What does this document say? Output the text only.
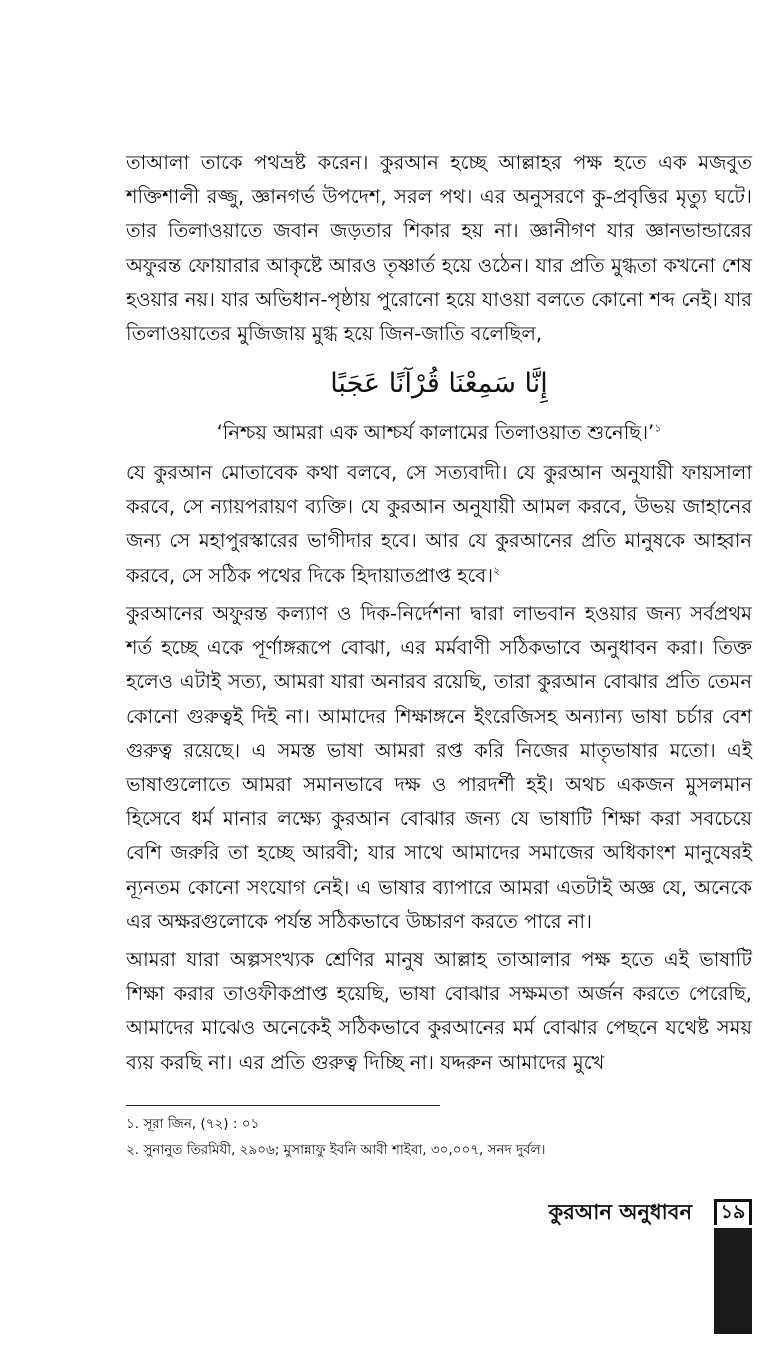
তাআলা তাকে পথভ্রষ্ট করেন। কুরআন হচ্ছে আল্লাহর পক্ষ হতে এক মজবুত শক্তিশালী রজ্জু, জ্ঞানগর্ভ উপদেশ, সরল পথ। এর অনুসরণে কু-প্রবৃত্তির মৃত্যু ঘটে। তার তিলাওয়াতে জবান জড়তার শিকার হয় না। জ্ঞানীগণ যার জ্ঞানভান্ডারের অফুরন্ত ফোয়ারার আকৃষ্টে আরও তৃষ্ণার্ত হয়ে ওঠেন। যার প্রতি মুগ্ধতা কখনো শেষ হওয়ার নয়। যার অভিধান-পৃষ্ঠায় পুরোনো হয়ে যাওয়া বলতে কোনো শব্দ নেই। যার তিলাওয়াতের মুজিজায় মুগ্ধ হয়ে জিন-জাতি বলেছিল,

إِنَّا سَمِعْنَا قُرْآنًا عَجَبًا
‘নিশ্চয় আমরা এক আশ্চর্য কালামের তিলাওয়াত শুনেছি।’$^১$

যে কুরআন মোতাবেক কথা বলবে, সে সত্যবাদী। যে কুরআন অনুযায়ী ফায়সালা করবে, সে ন্যায়পরায়ণ ব্যক্তি। যে কুরআন অনুযায়ী আমল করবে, উভয় জাহানের জন্য সে মহাপুরস্কারের ভাগীদার হবে। আর যে কুরআনের প্রতি মানুষকে আহ্বান করবে, সে সঠিক পথের দিকে হিদায়াতপ্রাপ্ত হবে।$^২$

কুরআনের অফুরন্ত কল্যাণ ও দিক-নির্দেশনা দ্বারা লাভবান হওয়ার জন্য সর্বপ্রথম শর্ত হচ্ছে একে পূর্ণাঙ্গরূপে বোঝা, এর মর্মবাণী সঠিকভাবে অনুধাবন করা। তিক্ত হলেও এটাই সত্য, আমরা যারা অনারব রয়েছি, তারা কুরআন বোঝার প্রতি তেমন কোনো গুরুত্বই দিই না। আমাদের শিক্ষাঙ্গনে ইংরেজিসহ অন্যান্য ভাষা চর্চার বেশ গুরুত্ব রয়েছে। এ সমস্ত ভাষা আমরা রপ্ত করি নিজের মাতৃভাষার মতো। এই ভাষাগুলোতে আমরা সমানভাবে দক্ষ ও পারদর্শী হই। অথচ একজন মুসলমান হিসেবে ধর্ম মানার লক্ষ্যে কুরআন বোঝার জন্য যে ভাষাটি শিক্ষা করা সবচেয়ে বেশি জরুরি তা হচ্ছে আরবী; যার সাথে আমাদের সমাজের অধিকাংশ মানুষেরই ন্যূনতম কোনো সংযোগ নেই। এ ভাষার ব্যাপারে আমরা এতটাই অজ্ঞ যে, অনেকে এর অক্ষরগুলোকে পর্যন্ত সঠিকভাবে উচ্চারণ করতে পারে না।

আমরা যারা অল্পসংখ্যক শ্রেণির মানুষ আল্লাহ তাআলার পক্ষ হতে এই ভাষাটি শিক্ষা করার তাওফীকপ্রাপ্ত হয়েছি, ভাষা বোঝার সক্ষমতা অর্জন করতে পেরেছি, আমাদের মাঝেও অনেকেই সঠিকভাবে কুরআনের মর্ম বোঝার পেছনে যথেষ্ট সময় ব্যয় করছি না। এর প্রতি গুরুত্ব দিচ্ছি না। যদ্দরুন আমাদের মুখে

১. সূরা জিন, (৭২) : ০১
২. সুনানুত তিরমিযী, ২৯০৬; মুসান্নাফু ইবনি আবী শাইবা, ৩০,০০৭, সনদ দুর্বল।
কুরআন অনুধাবন	১৯
